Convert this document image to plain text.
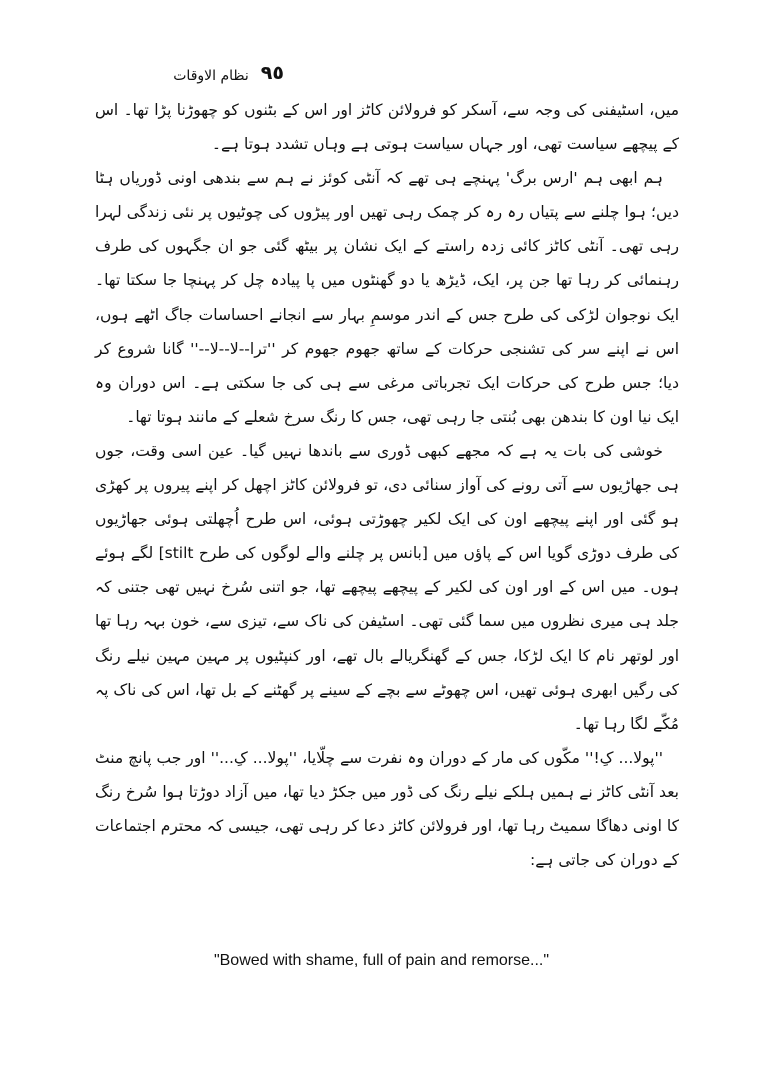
٩٥
نظام الاوقات

میں، اسٹیفنی کی وجہ سے، آسکر کو فرولائن کاٹز اور اس کے بٹنوں کو چھوڑنا پڑا تھا۔ اس کے پیچھے سیاست تھی، اور جہاں سیاست ہوتی ہے وہاں تشدد ہوتا ہے۔

ہم ابھی ہم 'ارس برگ' پہنچے ہی تھے کہ آنٹی کوئز نے ہم سے بندھی اونی ڈوریاں ہٹا دیں؛ ہوا چلنے سے پتیاں رہ رہ کر چمک رہی تھیں اور پیڑوں کی چوٹیوں پر نئی زندگی لہرا رہی تھی۔ آنٹی کاٹز کائی زدہ راستے کے ایک نشان پر بیٹھ گئی جو ان جگہوں کی طرف رہنمائی کر رہا تھا جن پر، ایک، ڈیڑھ یا دو گھنٹوں میں پا پیادہ چل کر پہنچا جا سکتا تھا۔ ایک نوجوان لڑکی کی طرح جس کے اندر موسمِ بہار سے انجانے احساسات جاگ اٹھے ہوں، اس نے اپنے سر کی تشنجی حرکات کے ساتھ جھوم جھوم کر ''ترا--لا--لا--'' گانا شروع کر دیا؛ جس طرح کی حرکات ایک تجرباتی مرغی سے ہی کی جا سکتی ہے۔ اس دوران وہ ایک نیا اون کا بندھن بھی بُنتی جا رہی تھی، جس کا رنگ سرخ شعلے کے مانند ہوتا تھا۔

خوشی کی بات یہ ہے کہ مجھے کبھی ڈوری سے باندھا نہیں گیا۔ عین اسی وقت، جوں ہی جھاڑیوں سے آتی رونے کی آواز سنائی دی، تو فرولائن کاٹز اچھل کر اپنے پیروں پر کھڑی ہو گئی اور اپنے پیچھے اون کی ایک لکیر چھوڑتی ہوئی، اس طرح اُچھلتی ہوئی جھاڑیوں کی طرف دوڑی گویا اس کے پاؤں میں [بانس پر چلنے والے لوگوں کی طرح stilt] لگے ہوئے ہوں۔ میں اس کے اور اون کی لکیر کے پیچھے پیچھے تھا، جو اتنی سُرخ نہیں تھی جتنی کہ جلد ہی میری نظروں میں سما گئی تھی۔ اسٹیفن کی ناک سے، تیزی سے، خون بہہ رہا تھا اور لوتھر نام کا ایک لڑکا، جس کے گھنگریالے بال تھے، اور کنپٹیوں پر مہین مہین نیلے رنگ کی رگیں ابھری ہوئی تھیں، اس چھوٹے سے بچے کے سینے پر گھٹنے کے بل تھا، اس کی ناک پہ مُکّے لگا رہا تھا۔

''پولا... کِ!'' مکّوں کی مار کے دوران وہ نفرت سے چلّایا، ''پولا... کِ...'' اور جب پانچ منٹ بعد آنٹی کاٹز نے ہمیں ہلکے نیلے رنگ کی ڈور میں جکڑ دیا تھا، میں آزاد دوڑتا ہوا سُرخ رنگ کا اونی دھاگا سمیٹ رہا تھا، اور فرولائن کاٹز دعا کر رہی تھی، جیسی کہ محترم اجتماعات کے دوران کی جاتی ہے:

"Bowed with shame, full of pain and remorse..."
